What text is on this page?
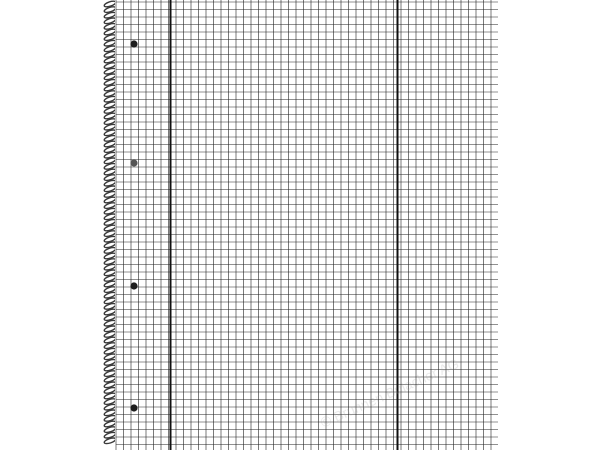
© Brunnen Bulacher AG
